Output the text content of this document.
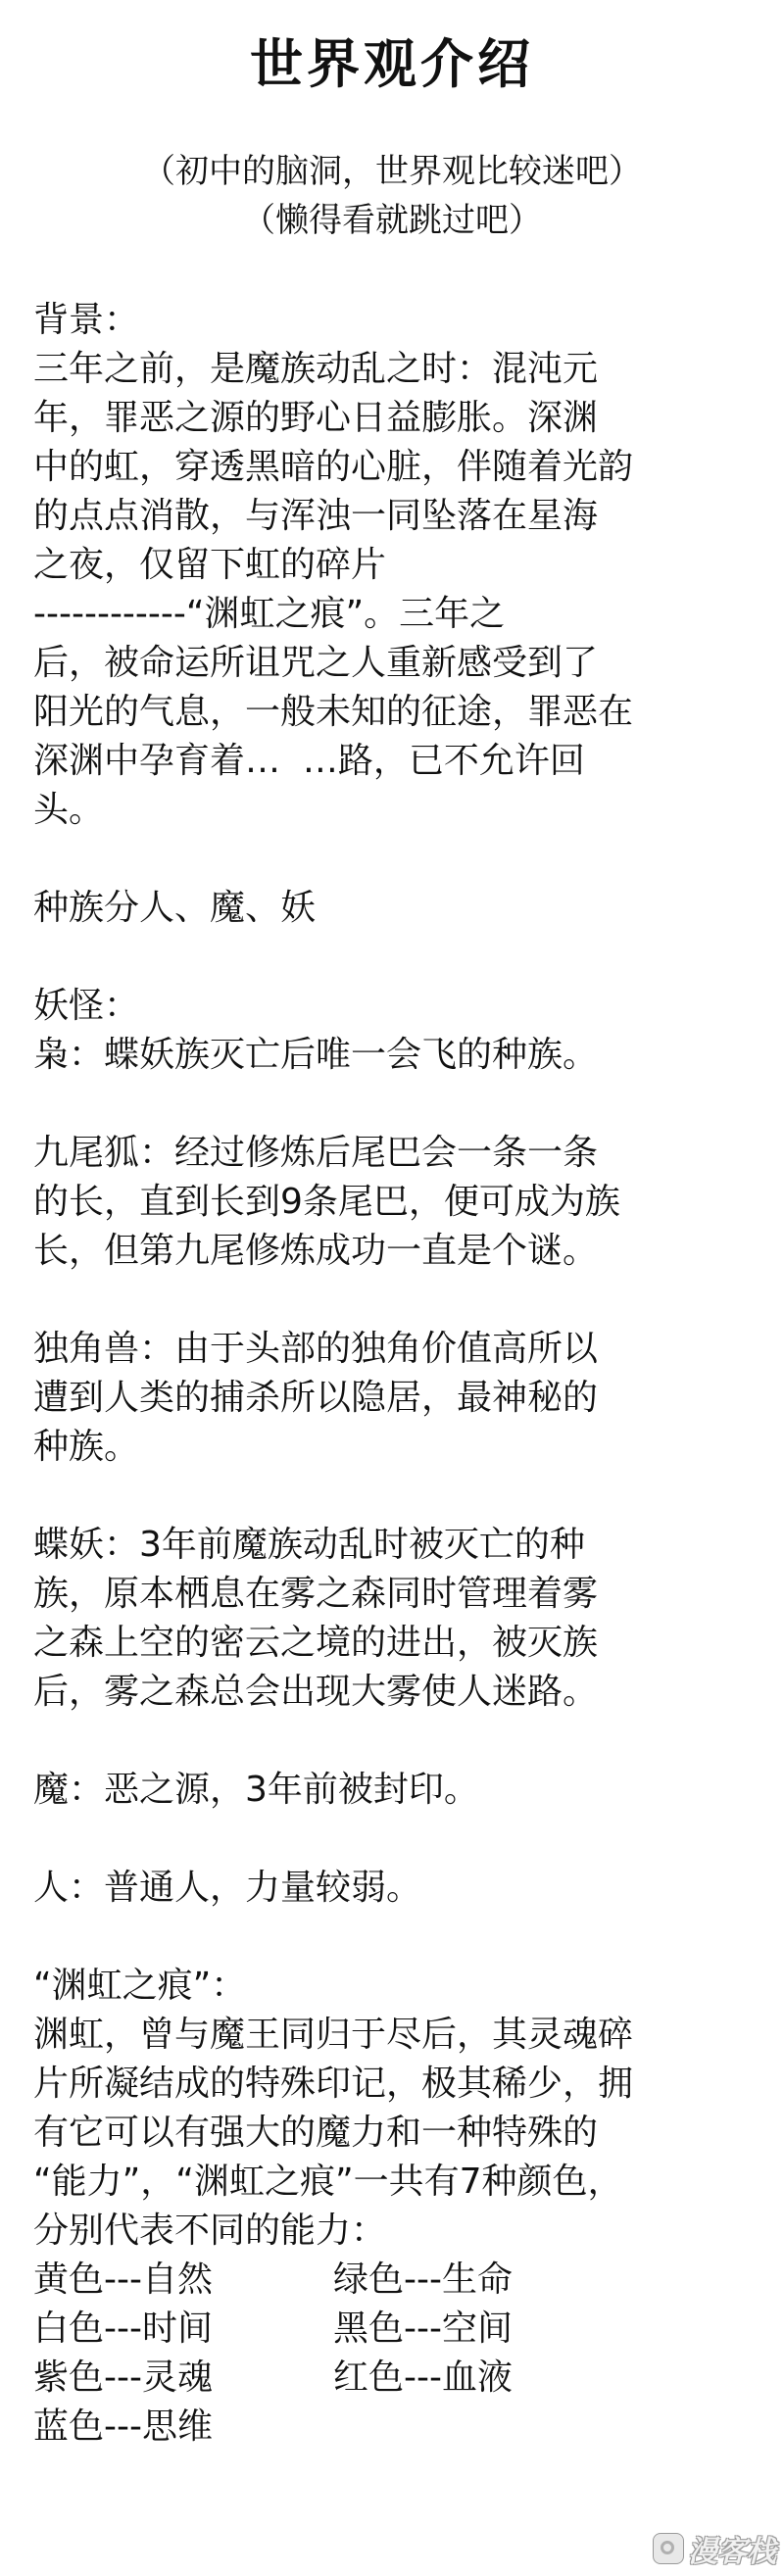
世界观介绍
（初中的脑洞，世界观比较迷吧）
（懒得看就跳过吧）
背景：
三年之前，是魔族动乱之时：混沌元
年，罪恶之源的野心日益膨胀。深渊
中的虹，穿透黑暗的心脏，伴随着光韵
的点点消散，与浑浊一同坠落在星海
之夜，仅留下虹的碎片
------------“渊虹之痕”。三年之
后，被命运所诅咒之人重新感受到了
阳光的气息，一般未知的征途，罪恶在
深渊中孕育着…  …路，已不允许回
头。
种族分人、魔、妖
妖怪：
枭：蝶妖族灭亡后唯一会飞的种族。
九尾狐：经过修炼后尾巴会一条一条
的长，直到长到9条尾巴，便可成为族
长，但第九尾修炼成功一直是个谜。
独角兽：由于头部的独角价值高所以
遭到人类的捕杀所以隐居，最神秘的
种族。
蝶妖：3年前魔族动乱时被灭亡的种
族，原本栖息在雾之森同时管理着雾
之森上空的密云之境的进出，被灭族
后，雾之森总会出现大雾使人迷路。
魔：恶之源，3年前被封印。
人：普通人，力量较弱。
“渊虹之痕”：
渊虹，曾与魔王同归于尽后，其灵魂碎
片所凝结成的特殊印记，极其稀少，拥
有它可以有强大的魔力和一种特殊的
“能力”，“渊虹之痕”一共有7种颜色，
分别代表不同的能力：
黄色---自然	绿色---生命
白色---时间	黑色---空间
紫色---灵魂	红色---血液
蓝色---思维
漫客栈
